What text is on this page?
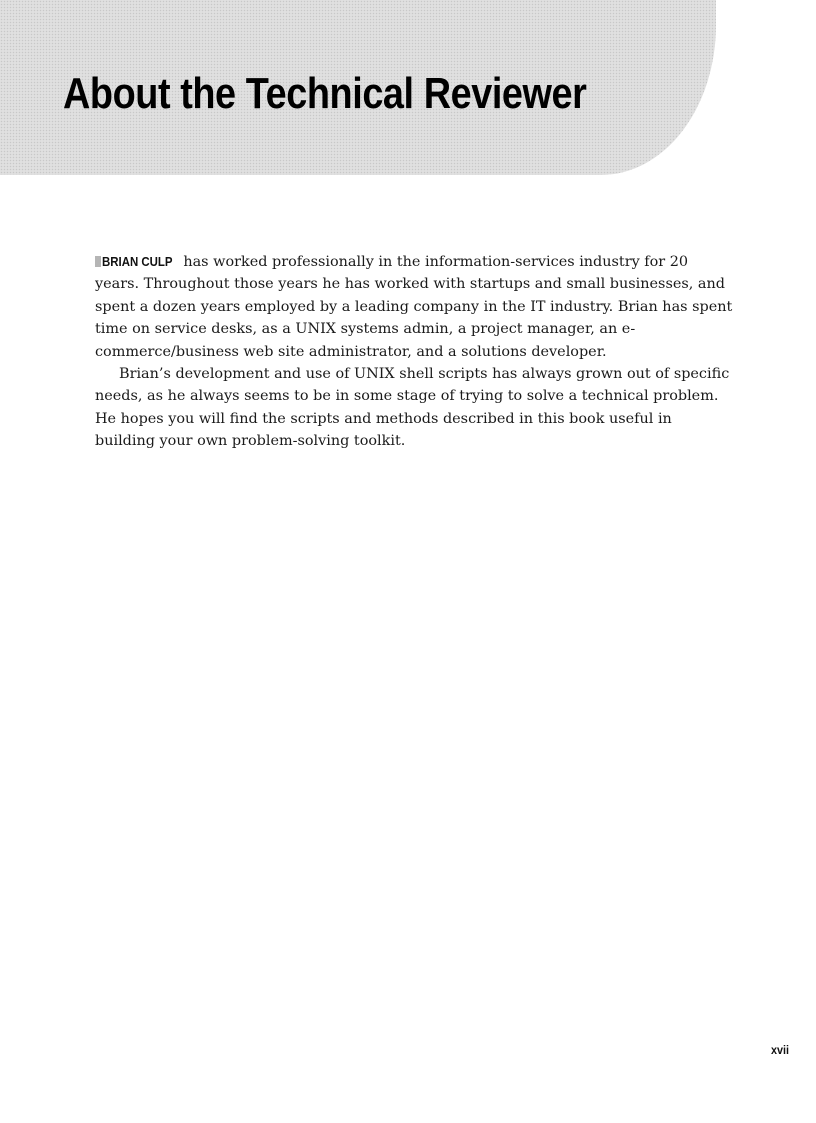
About the Technical Reviewer

BRIAN CULP has worked professionally in the information-services industry for 20 years. Throughout those years he has worked with startups and small businesses, and spent a dozen years employed by a leading company in the IT industry. Brian has spent time on service desks, as a UNIX systems admin, a project manager, an e-commerce/business web site administrator, and a solutions developer.

Brian’s development and use of UNIX shell scripts has always grown out of specific needs, as he always seems to be in some stage of trying to solve a technical problem. He hopes you will find the scripts and methods described in this book useful in building your own problem-solving toolkit.

xvii
